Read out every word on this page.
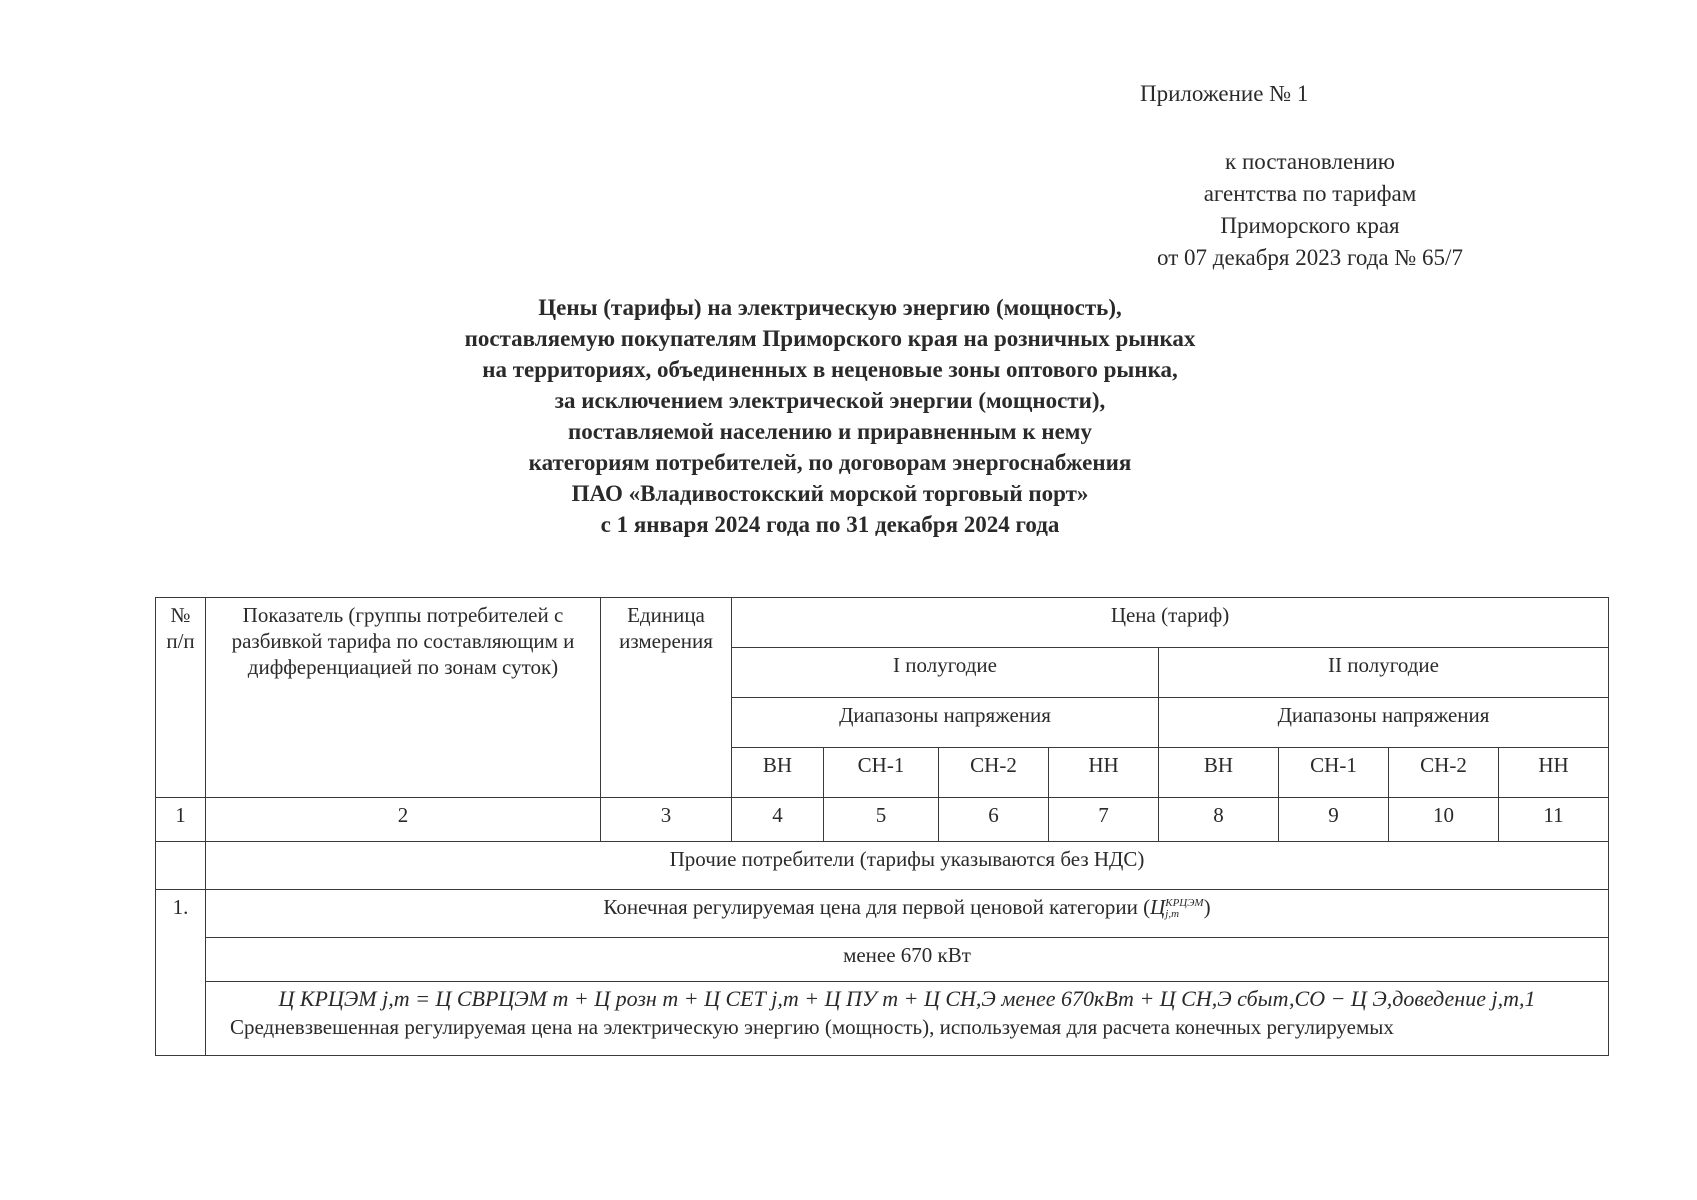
Приложение № 1
к постановлению
агентства по тарифам
Приморского края
от 07 декабря 2023 года № 65/7
Цены (тарифы) на электрическую энергию (мощность),
поставляемую покупателям Приморского края на розничных рынках
на территориях, объединенных в неценовые зоны оптового рынка,
за исключением электрической энергии (мощности),
поставляемой населению и приравненным к нему
категориям потребителей, по договорам энергоснабжения
ПАО «Владивостокский морской торговый порт»
с 1 января 2024 года по 31 декабря 2024 года
№ п/п	Показатель (группы потребителей с разбивкой тарифа по составляющим и дифференциацией по зонам суток)	Единица измерения	Цена (тариф)							
			I полугодие				II полугодие			
			Диапазоны напряжения				Диапазоны напряжения			
			ВН	СН-1	СН-2	НН	ВН	СН-1	СН-2	НН
1	2	3	4	5	6	7	8	9	10	11
	Прочие потребители (тарифы указываются без НДС)									
1.	Конечная регулируемая цена для первой ценовой категории (ЦКРЦЭМ
j,m )									
	менее 670 кВт									

	Ц КРЦЭМ j,m = Ц СВРЦЭМ m + Ц розн m + Ц СЕТ j,m + Ц ПУ m + Ц СН,Э менее 670кВт + Ц СН,Э сбыт,СО − Ц Э,доведение j,m,1
Средневзвешенная регулируемая цена на электрическую энергию (мощность), используемая для расчета конечных регулируемых									
